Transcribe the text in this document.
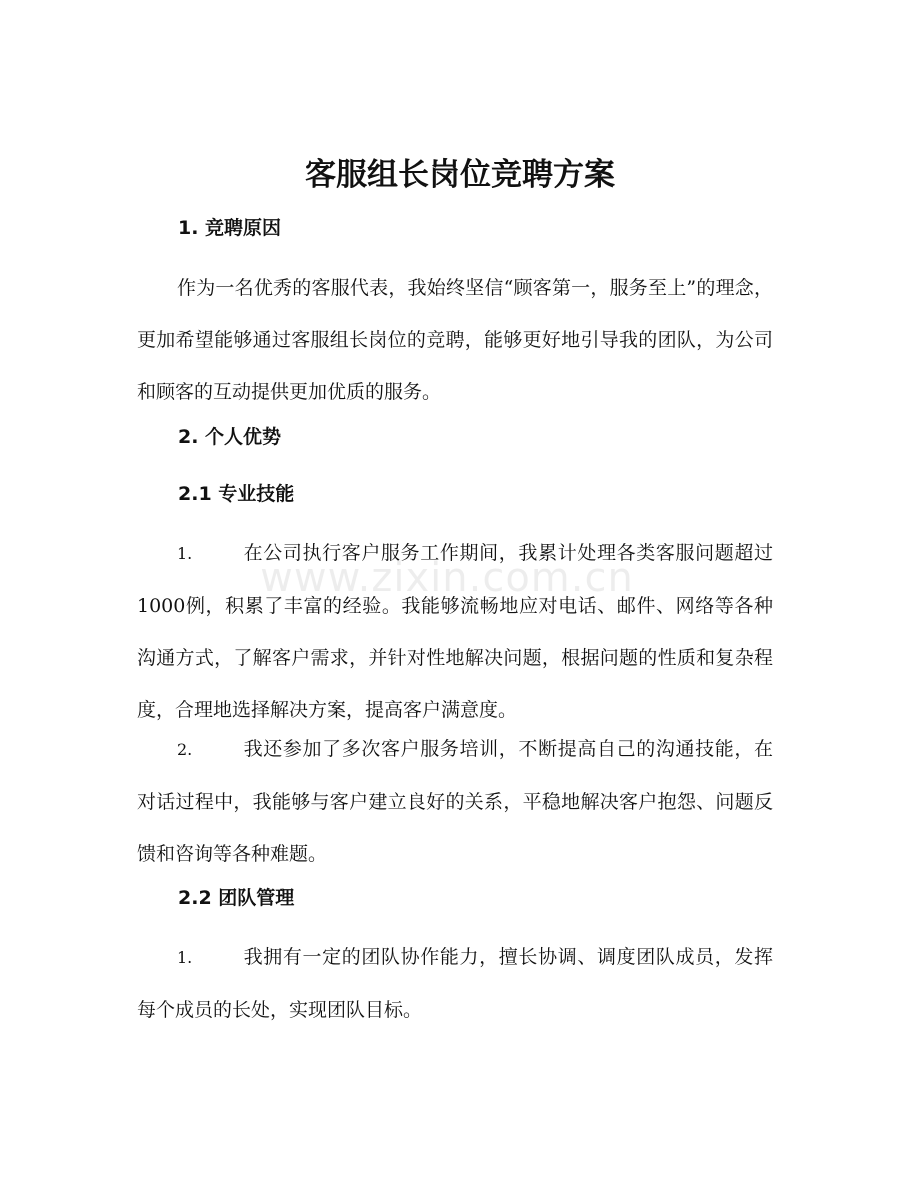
www.zixin.com.cn
客服组长岗位竞聘方案
1. 竞聘原因

作为一名优秀的客服代表，我始终坚信“顾客第一，服务至上”的理念，更加希望能够通过客服组长岗位的竞聘，能够更好地引导我的团队，为公司和顾客的互动提供更加优质的服务。

2. 个人优势
2.1 专业技能

1.	在公司执行客户服务工作期间，我累计处理各类客服问题超过1000例，积累了丰富的经验。我能够流畅地应对电话、邮件、网络等各种沟通方式，了解客户需求，并针对性地解决问题，根据问题的性质和复杂程度，合理地选择解决方案，提高客户满意度。

2.	我还参加了多次客户服务培训，不断提高自己的沟通技能，在对话过程中，我能够与客户建立良好的关系，平稳地解决客户抱怨、问题反馈和咨询等各种难题。

2.2 团队管理

1.	我拥有一定的团队协作能力，擅长协调、调度团队成员，发挥每个成员的长处，实现团队目标。
